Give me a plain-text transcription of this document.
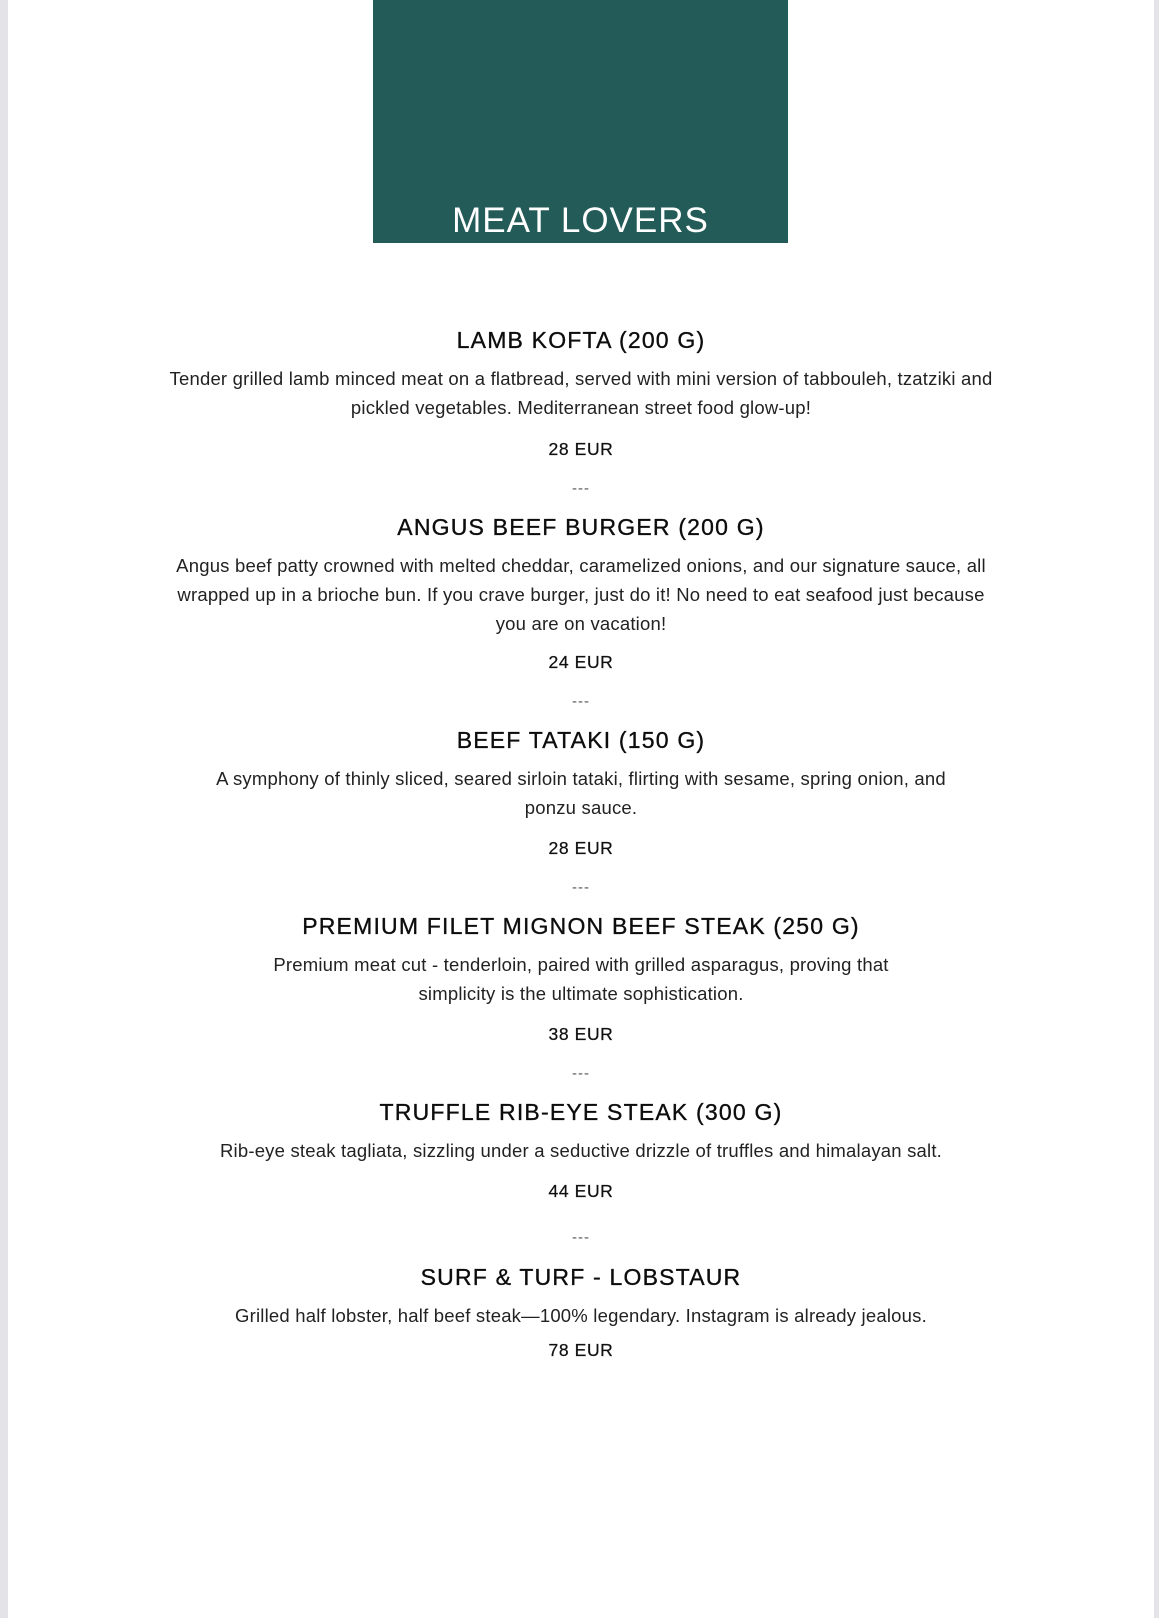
MEAT LOVERS
LAMB KOFTA (200 G)
Tender grilled lamb minced meat on a flatbread, served with mini version of tabbouleh, tzatziki and pickled vegetables. Mediterranean street food glow-up!
28 EUR
---
ANGUS BEEF BURGER (200 G)
Angus beef patty crowned with melted cheddar, caramelized onions, and our signature sauce, all wrapped up in a brioche bun. If you crave burger, just do it! No need to eat seafood just because you are on vacation!
24 EUR
---
BEEF TATAKI (150 G)
A symphony of thinly sliced, seared sirloin tataki, flirting with sesame, spring onion, and ponzu sauce.
28 EUR
---
PREMIUM FILET MIGNON BEEF STEAK (250 G)
Premium meat cut - tenderloin, paired with grilled asparagus, proving that simplicity is the ultimate sophistication.
38 EUR
---
TRUFFLE RIB-EYE STEAK (300 G)
Rib-eye steak tagliata, sizzling under a seductive drizzle of truffles and himalayan salt.
44 EUR
---
SURF & TURF - LOBSTAUR
Grilled half lobster, half beef steak—100% legendary. Instagram is already jealous.
78 EUR
